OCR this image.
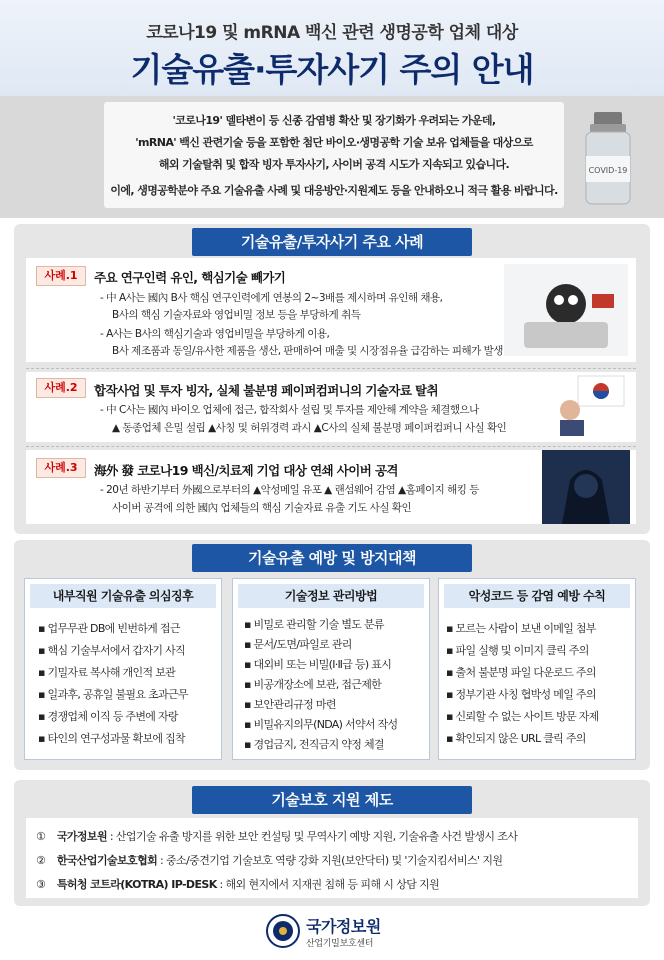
코로나19 및 mRNA 백신 관련 생명공학 업체 대상
기술유출·투자사기 주의 안내
'코로나19' 델타변이 등 신종 감염병 확산 및 장기화가 우려되는 가운데,
'mRNA' 백신 관련기술 등을 포함한 첨단 바이오·생명공학 기술 보유 업체들을 대상으로
해외 기술탈취 및 합작 빙자 투자사기, 사이버 공격 시도가 지속되고 있습니다.
이에, 생명공학분야 주요 기술유출 사례 및 대응방안·지원제도 등을 안내하오니 적극 활용 바랍니다.
COVID-19
기술유출/투자사기 주요 사례
사례.1	주요 연구인력 유인, 핵심기술 빼가기
- 中 A사는 國內 B사 핵심 연구인력에게 연봉의 2~3배를 제시하며 유인해 채용,
B사의 핵심 기술자료와 영업비밀 정보 등을 부당하게 취득
- A사는 B사의 핵심기술과 영업비밀을 부당하게 이용,
B사 제조품과 동일/유사한 제품을 생산, 판매하여 매출 및 시장점유율 급감하는 피해가 발생
사례.2	합작사업 및 투자 빙자, 실체 불분명 페이퍼컴퍼니의 기술자료 탈취
- 中 C사는 國內 바이오 업체에 접근, 합작회사 설립 및 투자를 제안해 계약을 체결했으나
▲ 동종업체 은밀 설립 ▲사칭 및 허위경력 과시 ▲C사의 실체 불분명 페이퍼컴퍼니 사실 확인
사례.3	海外 發 코로나19 백신/치료제 기업 대상 연쇄 사이버 공격
- 20년 하반기부터 外國으로부터의 ▲악성메일 유포 ▲ 랜섬웨어 감염 ▲홈페이지 해킹 등
사이버 공격에 의한 國內 업체들의 핵심 기술자료 유출 기도 사실 확인
기술유출 예방 및 방지대책
내부직원 기술유출 의심징후
▪ 업무무관 DB에 빈번하게 접근
▪ 핵심 기술부서에서 갑자기 사직
▪ 기밀자료 복사해 개인적 보관
▪ 일과후, 공휴일 불필요 초과근무
▪ 경쟁업체 이직 등 주변에 자랑
▪ 타인의 연구성과물 확보에 집착
기술정보 관리방법
▪ 비밀로 관리할 기술 별도 분류
▪ 문서/도면/파일로 관리
▪ 대외비 또는 비밀(Ⅰ·Ⅱ급 등) 표시
▪ 비공개장소에 보관, 접근제한
▪ 보안관리규정 마련
▪ 비밀유지의무(NDA) 서약서 작성
▪ 경업금지, 전직금지 약정 체결
악성코드 등 감염 예방 수칙
▪ 모르는 사람이 보낸 이메일 첨부
▪ 파일 실행 및 이미지 클릭 주의
▪ 출처 불분명 파일 다운로드 주의
▪ 정부기관 사칭 협박성 메일 주의
▪ 신뢰할 수 없는 사이트 방문 자제
▪ 확인되지 않은 URL 클릭 주의
기술보호 지원 제도
① 국가정보원 : 산업기술 유출 방지를 위한 보안 컨설팅 및 무역사기 예방 지원, 기술유출 사건 발생시 조사
② 한국산업기술보호협회 : 중소/중견기업 기술보호 역량 강화 지원(보안닥터) 및 '기술지킴서비스' 지원
③ 특허청 코트라(KOTRA) IP-DESK : 해외 현지에서 지재권 침해 등 피해 시 상담 지원
국가정보원
산업기밀보호센터
